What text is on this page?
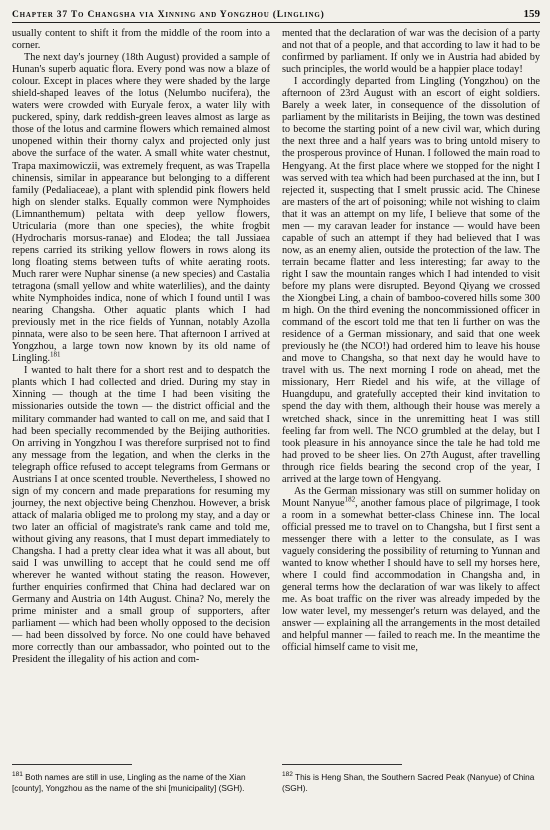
Chapter 37 To Changsha via Xinning and Yongzhou (Lingling)	159

usually content to shift it from the middle of the room into a corner.

The next day's journey (18th August) provided a sample of Hunan's superb aquatic flora. Every pond was now a blaze of colour. Except in places where they were shaded by the large shield-shaped leaves of the lotus (Nelumbo nucifera), the waters were crowded with Euryale ferox, a water lily with puckered, spiny, dark reddish-green leaves almost as large as those of the lotus and carmine flowers which remained almost unopened within their thorny calyx and projected only just above the surface of the water. A small white water chestnut, Trapa maximowiczii, was extremely frequent, as was Trapella chinensis, similar in appearance but belonging to a different family (Pedaliaceae), a plant with splendid pink flowers held high on slender stalks. Equally common were Nymphoides (Limnanthemum) peltata with deep yellow flowers, Utricularia (more than one species), the white frogbit (Hydrocharis morsus-ranae) and Elodea; the tall Jussiaea repens carried its striking yellow flowers in rows along its long floating stems between tufts of white aerating roots. Much rarer were Nuphar sinense (a new species) and Castalia tetragona (small yellow and white waterlilies), and the dainty white Nymphoides indica, none of which I found until I was nearing Changsha. Other aquatic plants which I had previously met in the rice fields of Yunnan, notably Azolla pinnata, were also to be seen here. That afternoon I arrived at Yongzhou, a large town now known by its old name of Lingling.$^{181}$

I wanted to halt there for a short rest and to despatch the plants which I had collected and dried. During my stay in Xinning — though at the time I had been visiting the missionaries outside the town — the district official and the military commander had wanted to call on me, and said that I had been specially recommended by the Beijing authorities. On arriving in Yongzhou I was therefore surprised not to find any message from the legation, and when the clerks in the telegraph office refused to accept telegrams from Germans or Austrians I at once scented trouble. Nevertheless, I showed no sign of my concern and made preparations for resuming my journey, the next objective being Chenzhou. However, a brisk attack of malaria obliged me to prolong my stay, and a day or two later an official of magistrate's rank came and told me, without giving any reasons, that I must depart immediately to Changsha. I had a pretty clear idea what it was all about, but said I was unwilling to accept that he could send me off wherever he wanted without stating the reason. However, further enquiries confirmed that China had declared war on Germany and Austria on 14th August. China? No, merely the prime minister and a small group of supporters, after parliament — which had been wholly opposed to the decision — had been dissolved by force. No one could have behaved more correctly than our ambassador, who pointed out to the President the illegality of his action and com-

mented that the declaration of war was the decision of a party and not that of a people, and that according to law it had to be confirmed by parliament. If only we in Austria had abided by such principles, the world would be a happier place today!

I accordingly departed from Lingling (Yongzhou) on the afternoon of 23rd August with an escort of eight soldiers. Barely a week later, in consequence of the dissolution of parliament by the militarists in Beijing, the town was destined to become the starting point of a new civil war, which during the next three and a half years was to bring untold misery to the prosperous province of Hunan. I followed the main road to Hengyang. At the first place where we stopped for the night I was served with tea which had been purchased at the inn, but I rejected it, suspecting that I smelt prussic acid. The Chinese are masters of the art of poisoning; while not wishing to claim that it was an attempt on my life, I believe that some of the men — my caravan leader for instance — would have been capable of such an attempt if they had believed that I was now, as an enemy alien, outside the protection of the law. The terrain became flatter and less interesting; far away to the right I saw the mountain ranges which I had intended to visit before my plans were disrupted. Beyond Qiyang we crossed the Xiongbei Ling, a chain of bamboo-covered hills some 300 m high. On the third evening the noncommissioned officer in command of the escort told me that ten li further on was the residence of a German missionary, and said that one week previously he (the NCO!) had ordered him to leave his house and move to Changsha, so that next day he would have to travel with us. The next morning I rode on ahead, met the missionary, Herr Riedel and his wife, at the village of Huangdupu, and gratefully accepted their kind invitation to spend the day with them, although their house was merely a wretched shack, since in the unremitting heat I was still feeling far from well. The NCO grumbled at the delay, but I took pleasure in his annoyance since the tale he had told me had proved to be sheer lies. On 27th August, after travelling through rice fields bearing the second crop of the year, I arrived at the large town of Hengyang.

As the German missionary was still on summer holiday on Mount Nanyue$^{182}$, another famous place of pilgrimage, I took a room in a somewhat better-class Chinese inn. The local official pressed me to travel on to Changsha, but I first sent a messenger there with a letter to the consulate, as I was vaguely considering the possibility of returning to Yunnan and wanted to know whether I should have to sell my horses here, where I could find accommodation in Changsha and, in general terms how the declaration of war was likely to affect me. As boat traffic on the river was already impeded by the low water level, my messenger's return was delayed, and the answer — explaining all the arrangements in the most detailed and helpful manner — failed to reach me. In the meantime the official himself came to visit me,

$^{181}$ Both names are still in use, Lingling as the name of the Xian [county], Yongzhou as the name of the shi [municipality] (SGH).
$^{182}$ This is Heng Shan, the Southern Sacred Peak (Nanyue) of China (SGH).
